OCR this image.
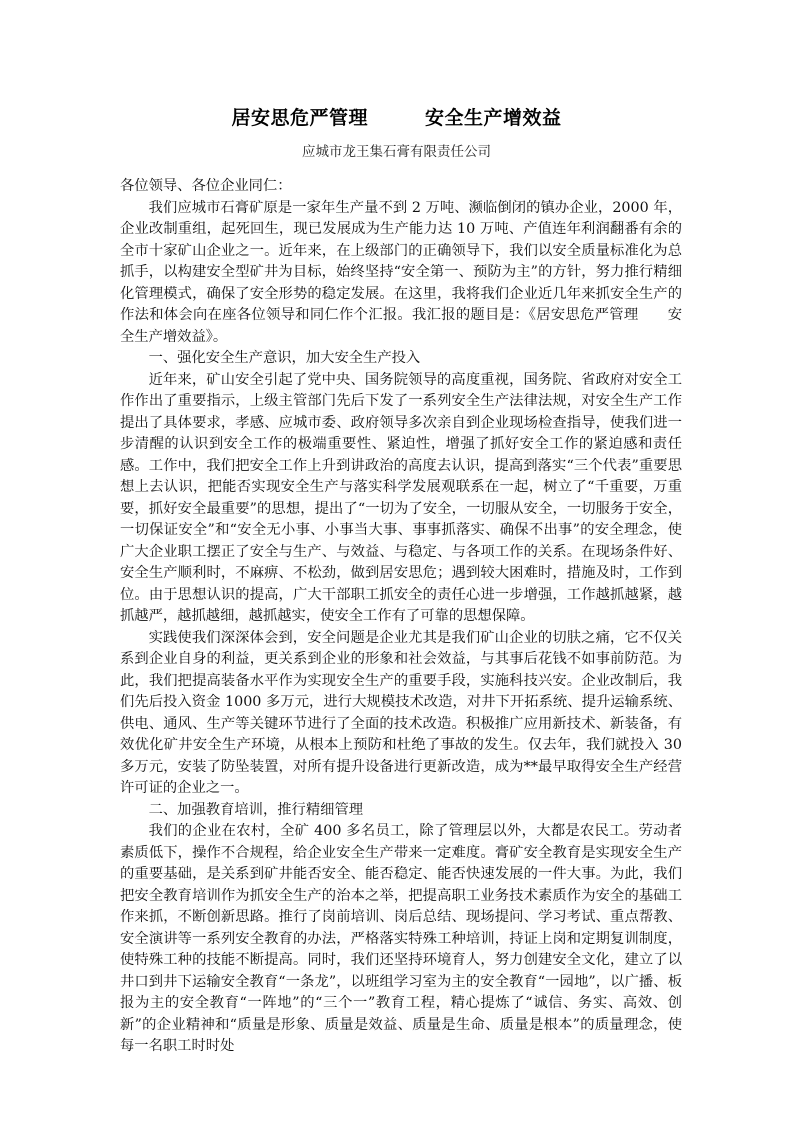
居安思危严管理        安全生产增效益
应城市龙王集石膏有限责任公司

各位领导、各位企业同仁：

我们应城市石膏矿原是一家年生产量不到 2 万吨、濒临倒闭的镇办企业，2000 年，企业改制重组，起死回生，现已发展成为生产能力达 10 万吨、产值连年利润翻番有余的全市十家矿山企业之一。近年来，在上级部门的正确领导下，我们以安全质量标准化为总抓手，以构建安全型矿井为目标，始终坚持“安全第一、预防为主”的方针，努力推行精细化管理模式，确保了安全形势的稳定发展。在这里，我将我们企业近几年来抓安全生产的作法和体会向在座各位领导和同仁作个汇报。我汇报的题目是：《居安思危严管理　　安全生产增效益》。

一、强化安全生产意识，加大安全生产投入

近年来，矿山安全引起了党中央、国务院领导的高度重视，国务院、省政府对安全工作作出了重要指示，上级主管部门先后下发了一系列安全生产法律法规，对安全生产工作提出了具体要求，孝感、应城市委、政府领导多次亲自到企业现场检查指导，使我们进一步清醒的认识到安全工作的极端重要性、紧迫性，增强了抓好安全工作的紧迫感和责任感。工作中，我们把安全工作上升到讲政治的高度去认识，提高到落实“三个代表”重要思想上去认识，把能否实现安全生产与落实科学发展观联系在一起，树立了“千重要，万重要，抓好安全最重要”的思想，提出了“一切为了安全，一切服从安全，一切服务于安全，一切保证安全”和“安全无小事、小事当大事、事事抓落实、确保不出事”的安全理念，使广大企业职工摆正了安全与生产、与效益、与稳定、与各项工作的关系。在现场条件好、安全生产顺利时，不麻痹、不松劲，做到居安思危；遇到较大困难时，措施及时，工作到位。由于思想认识的提高，广大干部职工抓安全的责任心进一步增强，工作越抓越紧，越抓越严，越抓越细，越抓越实，使安全工作有了可靠的思想保障。

实践使我们深深体会到，安全问题是企业尤其是我们矿山企业的切肤之痛，它不仅关系到企业自身的利益，更关系到企业的形象和社会效益，与其事后花钱不如事前防范。为此，我们把提高装备水平作为实现安全生产的重要手段，实施科技兴安。企业改制后，我们先后投入资金 1000 多万元，进行大规模技术改造，对井下开拓系统、提升运输系统、供电、通风、生产等关键环节进行了全面的技术改造。积极推广应用新技术、新装备，有效优化矿井安全生产环境，从根本上预防和杜绝了事故的发生。仅去年，我们就投入 30 多万元，安装了防坠装置，对所有提升设备进行更新改造，成为**最早取得安全生产经营许可证的企业之一。

二、加强教育培训，推行精细管理

我们的企业在农村，全矿 400 多名员工，除了管理层以外，大都是农民工。劳动者素质低下，操作不合规程，给企业安全生产带来一定难度。膏矿安全教育是实现安全生产的重要基础，是关系到矿井能否安全、能否稳定、能否快速发展的一件大事。为此，我们把安全教育培训作为抓安全生产的治本之举，把提高职工业务技术素质作为安全的基础工作来抓，不断创新思路。推行了岗前培训、岗后总结、现场提问、学习考试、重点帮教、安全演讲等一系列安全教育的办法，严格落实特殊工种培训，持证上岗和定期复训制度，使特殊工种的技能不断提高。同时，我们还坚持环境育人，努力创建安全文化，建立了以井口到井下运输安全教育“一条龙”，以班组学习室为主的安全教育“一园地”，以广播、板报为主的安全教育“一阵地”的“三个一”教育工程，精心提炼了“诚信、务实、高效、创新”的企业精神和“质量是形象、质量是效益、质量是生命、质量是根本”的质量理念，使每一名职工时时处
